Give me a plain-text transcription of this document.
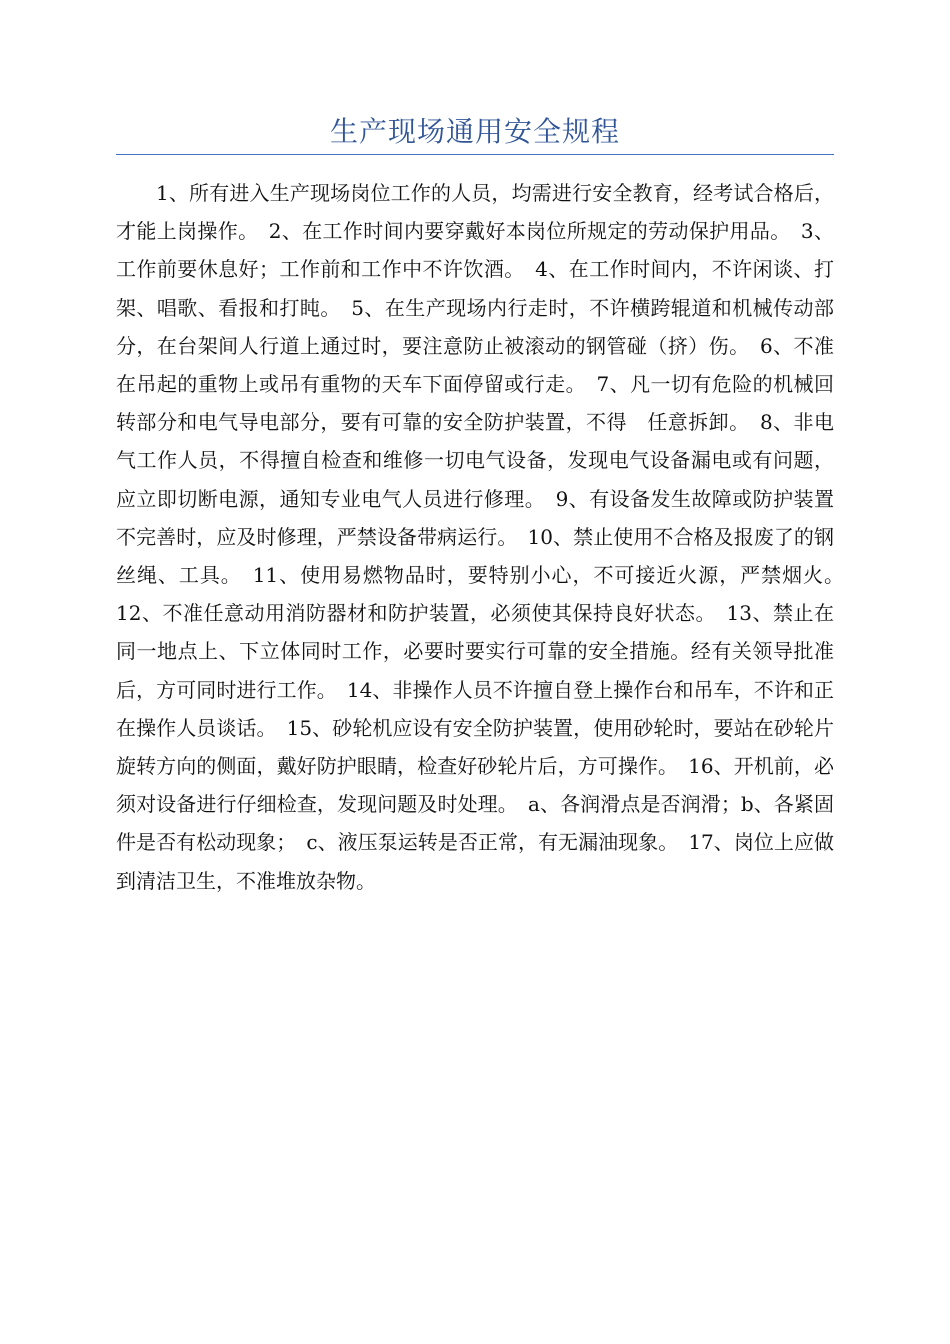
生产现场通用安全规程

1、所有进入生产现场岗位工作的人员，均需进行安全教育，经考试合格后，才能上岗操作。　2、在工作时间内要穿戴好本岗位所规定的劳动保护用品。　3、工作前要休息好；工作前和工作中不许饮酒。　4、在工作时间内，不许闲谈、打架、唱歌、看报和打盹。　5、在生产现场内行走时，不许横跨辊道和机械传动部分，在台架间人行道上通过时，要注意防止被滚动的钢管碰（挤）伤。　6、不准在吊起的重物上或吊有重物的天车下面停留或行走。　7、凡一切有危险的机械回转部分和电气导电部分，要有可靠的安全防护装置，不得　任意拆卸。　8、非电气工作人员，不得擅自检查和维修一切电气设备，发现电气设备漏电或有问题，应立即切断电源，通知专业电气人员进行修理。　9、有设备发生故障或防护装置不完善时，应及时修理，严禁设备带病运行。　10、禁止使用不合格及报废了的钢丝绳、工具。　11、使用易燃物品时，要特别小心，不可接近火源，严禁烟火。　12、不准任意动用消防器材和防护装置，必须使其保持良好状态。　13、禁止在同一地点上、下立体同时工作，必要时要实行可靠的安全措施。经有关领导批准后，方可同时进行工作。　14、非操作人员不许擅自登上操作台和吊车，不许和正在操作人员谈话。　15、砂轮机应设有安全防护装置，使用砂轮时，要站在砂轮片旋转方向的侧面，戴好防护眼睛，检查好砂轮片后，方可操作。　16、开机前，必须对设备进行仔细检查，发现问题及时处理。　a、各润滑点是否润滑；b、各紧固件是否有松动现象；　c、液压泵运转是否正常，有无漏油现象。　17、岗位上应做到清洁卫生，不准堆放杂物。
